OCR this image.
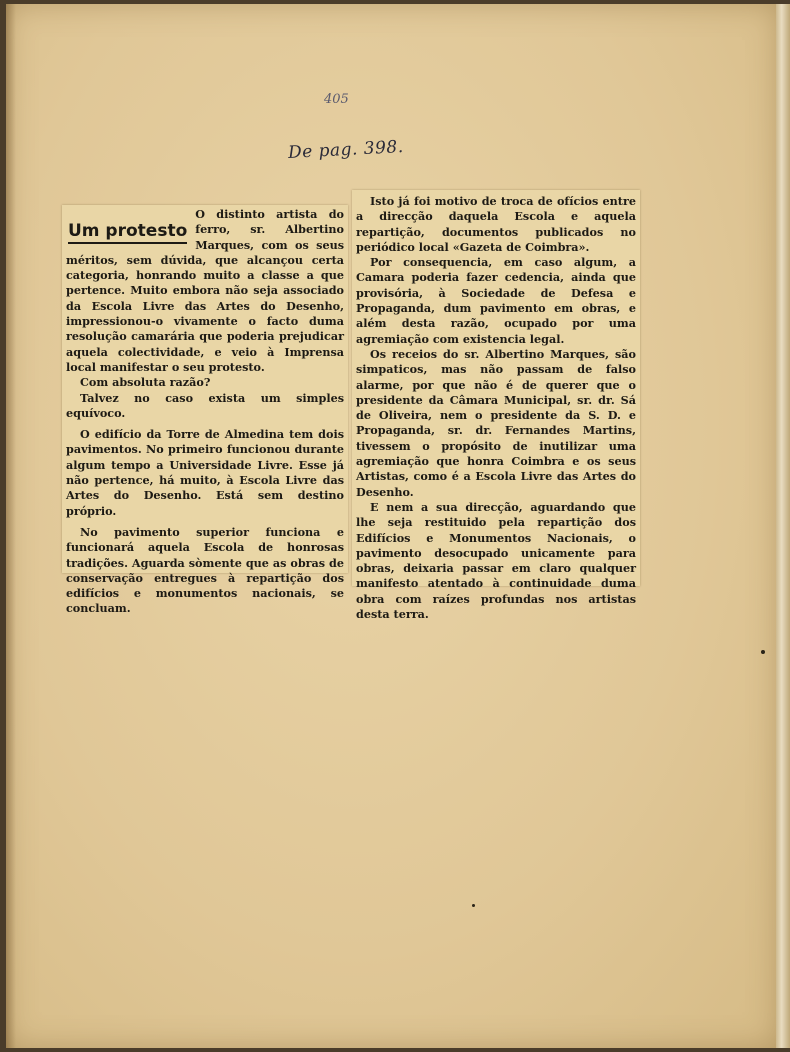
405
De pag. 398.
Um protesto

O distinto artista do ferro, sr. Albertino Marques, com os seus méritos, sem dúvida, que alcançou certa categoria, honrando muito a classe a que pertence. Muito embora não seja associado da Escola Livre das Artes do Desenho, impressionou-o vivamente o facto duma resolução camarária que poderia prejudicar aquela colectividade, e veio à Imprensa local manifestar o seu protesto.

Com absoluta razão?

Talvez no caso exista um simples equívoco.

O edifício da Torre de Almedina tem dois pavimentos. No primeiro funcionou durante algum tempo a Universidade Livre. Esse já não pertence, há muito, à Escola Livre das Artes do Desenho. Está sem destino próprio.

No pavimento superior funciona e funcionará aquela Escola de honrosas tradições. Aguarda sòmente que as obras de conservação entregues à repartição dos edifícios e monumentos nacionais, se concluam.

Isto já foi motivo de troca de ofícios entre a direcção daquela Escola e aquela repartição, documentos publicados no periódico local «Gazeta de Coimbra».

Por consequencia, em caso algum, a Camara poderia fazer cedencia, ainda que provisória, à Sociedade de Defesa e Propaganda, dum pavimento em obras, e além desta razão, ocupado por uma agremiação com existencia legal.

Os receios do sr. Albertino Marques, são simpaticos, mas não passam de falso alarme, por que não é de querer que o presidente da Câmara Municipal, sr. dr. Sá de Oliveira, nem o presidente da S. D. e Propaganda, sr. dr. Fernandes Martins, tivessem o propósito de inutilizar uma agremiação que honra Coimbra e os seus Artistas, como é a Escola Livre das Artes do Desenho.

E nem a sua direcção, aguardando que lhe seja restituido pela repartição dos Edifícios e Monumentos Nacionais, o pavimento desocupado unicamente para obras, deixaria passar em claro qualquer manifesto atentado à continuidade duma obra com raízes profundas nos artistas desta terra.
